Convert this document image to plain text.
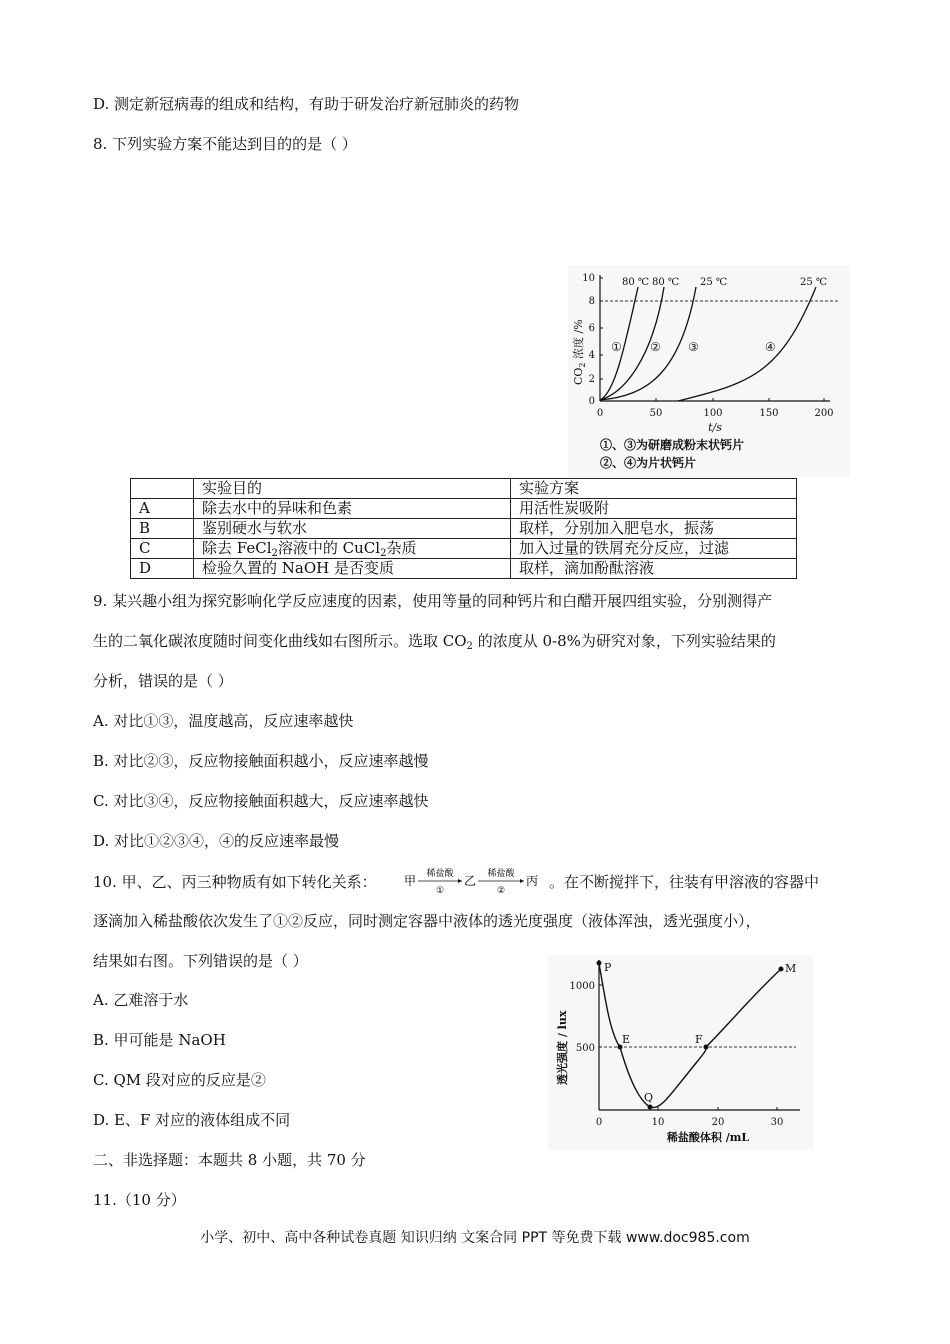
D. 测定新冠病毒的组成和结构，有助于研发治疗新冠肺炎的药物
8. 下列实验方案不能达到目的的是（ ）
0
2
4
6
8
10
0	50	100	150	200
t/s
$CO_2$ 浓度 /%
80 ℃ 80 ℃ 25 ℃	25 ℃
① ② ③	④
①、③为研磨成粉末状钙片
②、④为片状钙片
	实验目的	实验方案
A	除去水中的异味和色素	用活性炭吸附
B	鉴别硬水与软水	取样，分别加入肥皂水，振荡
C	除去 FeCl$_2$溶液中的 CuCl$_2$杂质	加入过量的铁屑充分反应，过滤
D	检验久置的 NaOH 是否变质	取样，滴加酚酞溶液
9. 某兴趣小组为探究影响化学反应速度的因素，使用等量的同种钙片和白醋开展四组实验，分别测得产
生的二氧化碳浓度随时间变化曲线如右图所示。选取 $CO_2$ 的浓度从 0-8%为研究对象，下列实验结果的
分析，错误的是（ ）
A. 对比①③，温度越高，反应速率越快
B. 对比②③，反应物接触面积越小，反应速率越慢
C. 对比③④，反应物接触面积越大，反应速率越快
D. 对比①②③④，④的反应速率最慢
10. 甲、乙、丙三种物质有如下转化关系： 甲 稀盐酸
①
乙 稀盐酸
②
丙 。在不断搅拌下，往装有甲溶液的容器中
逐滴加入稀盐酸依次发生了①②反应，同时测定容器中液体的透光度强度（液体浑浊，透光强度小），
结果如右图。下列错误的是（ ）
A. 乙难溶于水
B. 甲可能是 NaOH
C. QM 段对应的反应是②
D. E、F 对应的液体组成不同
500
1000
0	10	20	30
稀盐酸体积 /mL
透光强度 / lux
P
E
Q
F
M
二、非选择题：本题共 8 小题，共 70 分
11.（10 分）
小学、初中、高中各种试卷真题 知识归纳 文案合同 PPT 等免费下载 www.doc985.com
